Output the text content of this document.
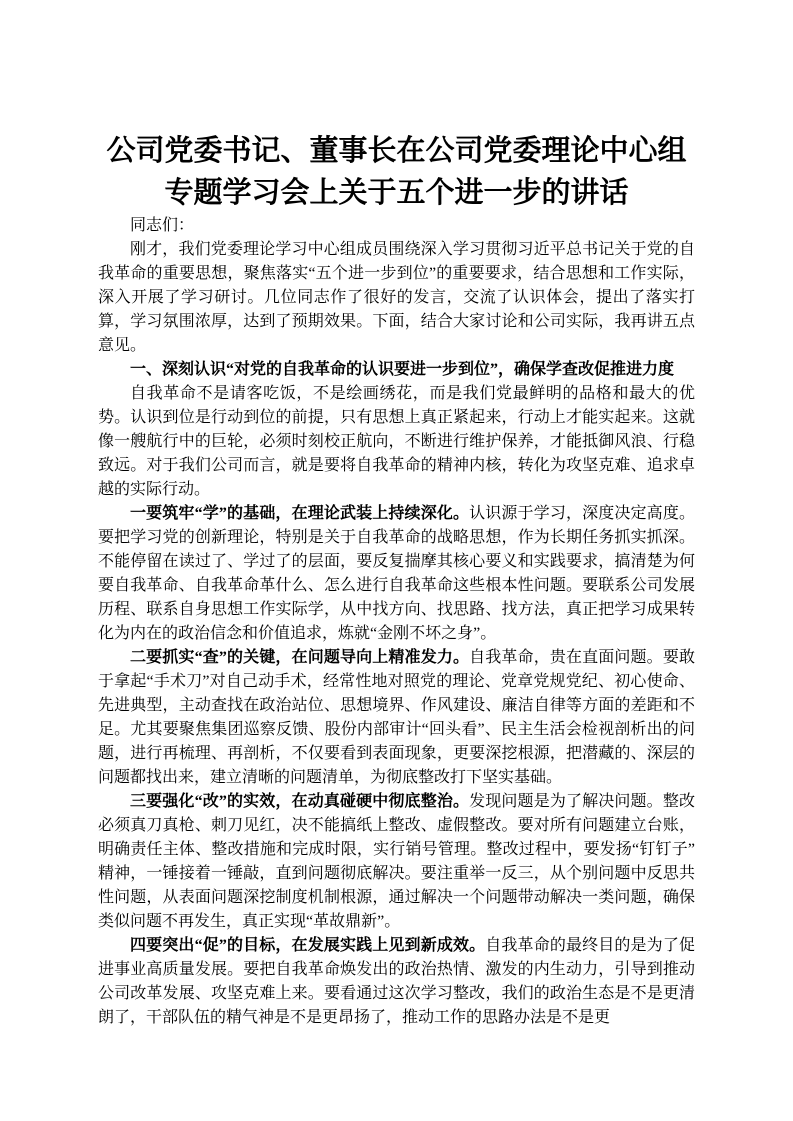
公司党委书记、董事长在公司党委理论中心组专题学习会上关于五个进一步的讲话

同志们：

刚才，我们党委理论学习中心组成员围绕深入学习贯彻习近平总书记关于党的自我革命的重要思想，聚焦落实“五个进一步到位”的重要要求，结合思想和工作实际，深入开展了学习研讨。几位同志作了很好的发言，交流了认识体会，提出了落实打算，学习氛围浓厚，达到了预期效果。下面，结合大家讨论和公司实际，我再讲五点意见。

一、深刻认识“对党的自我革命的认识要进一步到位”，确保学查改促推进力度

自我革命不是请客吃饭，不是绘画绣花，而是我们党最鲜明的品格和最大的优势。认识到位是行动到位的前提，只有思想上真正紧起来，行动上才能实起来。这就像一艘航行中的巨轮，必须时刻校正航向，不断进行维护保养，才能抵御风浪、行稳致远。对于我们公司而言，就是要将自我革命的精神内核，转化为攻坚克难、追求卓越的实际行动。

一要筑牢“学”的基础，在理论武装上持续深化。认识源于学习，深度决定高度。要把学习党的创新理论，特别是关于自我革命的战略思想，作为长期任务抓实抓深。不能停留在读过了、学过了的层面，要反复揣摩其核心要义和实践要求，搞清楚为何要自我革命、自我革命革什么、怎么进行自我革命这些根本性问题。要联系公司发展历程、联系自身思想工作实际学，从中找方向、找思路、找方法，真正把学习成果转化为内在的政治信念和价值追求，炼就“金刚不坏之身”。

二要抓实“查”的关键，在问题导向上精准发力。自我革命，贵在直面问题。要敢于拿起“手术刀”对自己动手术，经常性地对照党的理论、党章党规党纪、初心使命、先进典型，主动查找在政治站位、思想境界、作风建设、廉洁自律等方面的差距和不足。尤其要聚焦集团巡察反馈、股份内部审计“回头看”、民主生活会检视剖析出的问题，进行再梳理、再剖析，不仅要看到表面现象，更要深挖根源，把潜藏的、深层的问题都找出来，建立清晰的问题清单，为彻底整改打下坚实基础。

三要强化“改”的实效，在动真碰硬中彻底整治。发现问题是为了解决问题。整改必须真刀真枪、刺刀见红，决不能搞纸上整改、虚假整改。要对所有问题建立台账，明确责任主体、整改措施和完成时限，实行销号管理。整改过程中，要发扬“钉钉子”精神，一锤接着一锤敲，直到问题彻底解决。要注重举一反三，从个别问题中反思共性问题，从表面问题深挖制度机制根源，通过解决一个问题带动解决一类问题，确保类似问题不再发生，真正实现“革故鼎新”。

四要突出“促”的目标，在发展实践上见到新成效。自我革命的最终目的是为了促进事业高质量发展。要把自我革命焕发出的政治热情、激发的内生动力，引导到推动公司改革发展、攻坚克难上来。要看通过这次学习整改，我们的政治生态是不是更清朗了，干部队伍的精气神是不是更昂扬了，推动工作的思路办法是不是更
